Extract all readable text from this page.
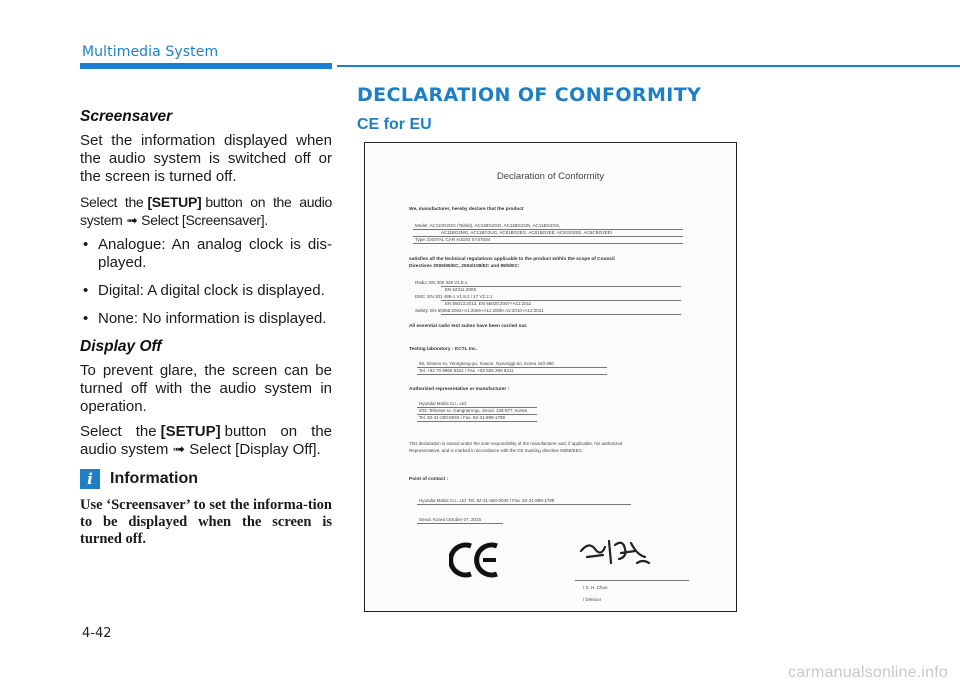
Multimedia System
Screensaver

Set the information displayed when the audio system is switched off or the screen is turned off.

Select the [SETUP] button on the audio system ➟ Select [Screensaver].

• Analogue: An analog clock is dis-played.
• Digital: A digital clock is displayed.
• None: No information is displayed.
Display Off

To prevent glare, the screen can be turned off with the audio system in operation.

Select the [SETUP] button on the audio system ➟ Select [Display Off].

i	Information

Use ‘Screensaver’ to set the informa-tion to be displayed when the screen is turned off.

DECLARATION OF CONFORMITY
CE for EU
Declaration of Conformity
We, manufacturer, hereby declare that the product
Model: AC110G2GG (Tablet), AC11BG2GG, AC11BG2GN, AC11BG2GS,
AC11BG2MG, AC11BG2UG, AC81BG2EG, AC81BG2EE, AC81102EE, AC8CBG2EEI
Type: DIGITAL CAR AUDIO SYSTEM
satisfies all the technical regulations applicable to the product within the scope of Council
Directives 2006/95/EC, 2004/108/EC and 99/5/EC:
Radio: EN 300 328 V1.8.1
EN 62311:2008
EMC: EN 301 489-1 V1.9.2 / 17 V2.2.1
EN 55013:2013, EN 55020:2007+A11:2011
Safety: EN 60065:2002+A1:2006+A11:2008+A2:2010+A12:2011
All essential radio test suites have been carried out.
Testing laboratory : KCTL Inc.
65, Sinwon-ro, Yeongtong-gu, Suwon, Gyeonggi-do, Korea 443-390
Tel. +82 70 8865 9324 / Fax. +82 505 299 8311
Authorized representative or manufacturer :
Hyundai Mobis Co., Ltd.
203, Teheran-ro, Gangnam-gu, Seoul, 135-977, Korea
Tel. 82-31-260-0040 / Fax. 82-31-899-1789
This declaration is issued under the sole responsibility of the manufacturer and, if applicable, his authorized
Representative, and is marked in accordance with the CE marking directive 93/68/EEC.
Point of contact :
Hyundai Mobis Co., Ltd. Tel. 82-31-260-0040 / Fax. 82-31-899-1789
Seoul, Korea October 07, 2015
/ S. H. Choe
/ Director
4-42
carmanualsonline.info
